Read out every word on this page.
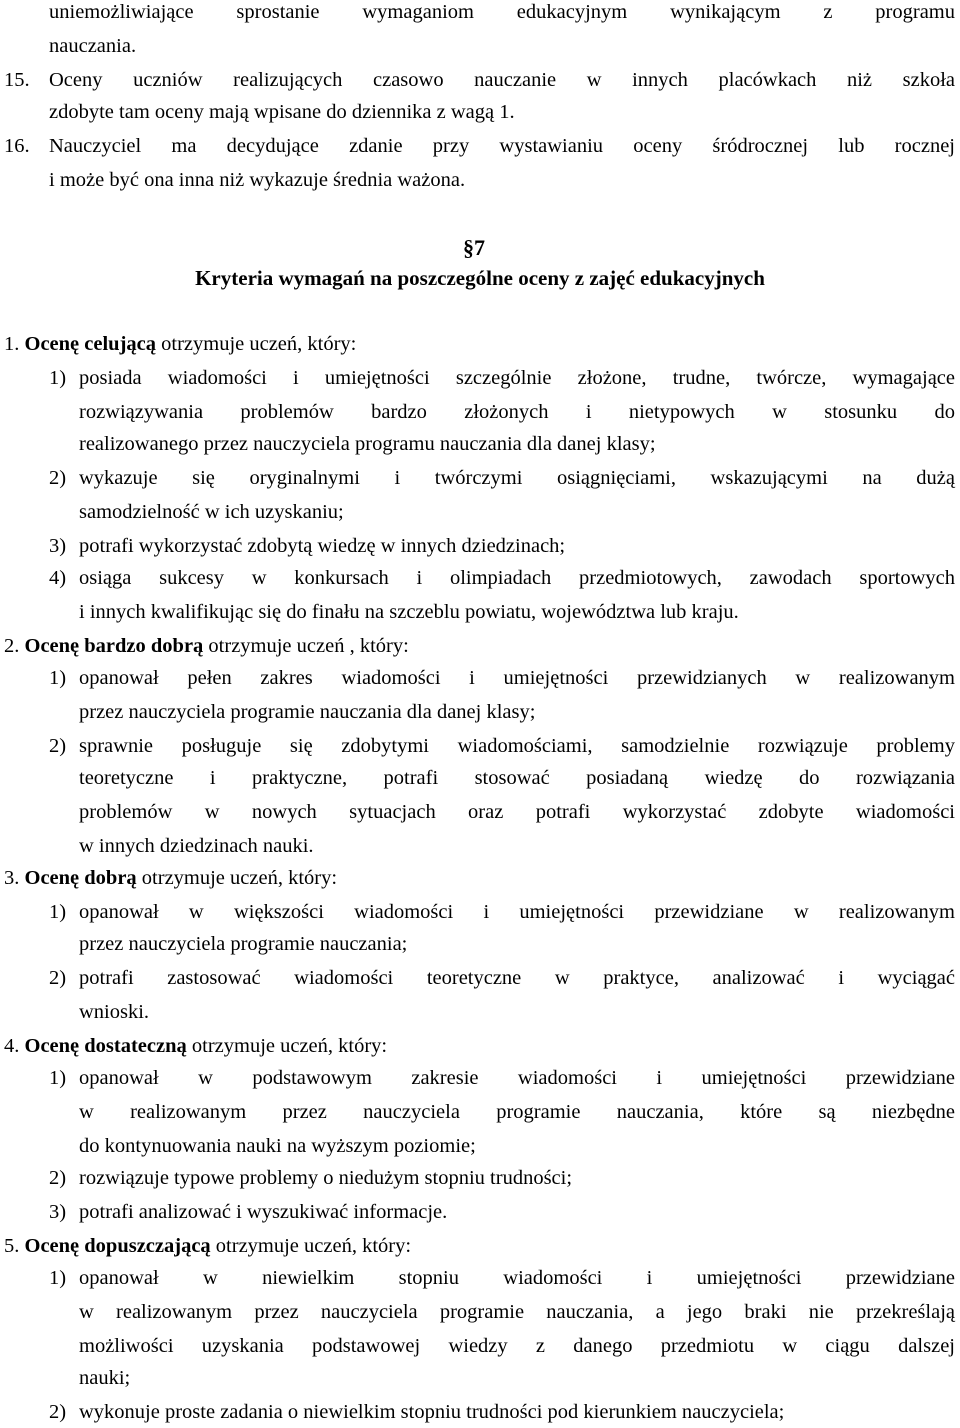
uniemożliwiające sprostanie wymaganiom edukacyjnym wynikającym z programu
nauczania.
15. Oceny uczniów realizujących czasowo nauczanie w innych placówkach niż szkoła
zdobyte tam oceny mają wpisane do dziennika z wagą 1.
16. Nauczyciel ma decydujące zdanie przy wystawianiu oceny śródrocznej lub rocznej
i może być ona inna niż wykazuje średnia ważona.
§7
Kryteria wymagań na poszczególne oceny z zajęć edukacyjnych
1. Ocenę celującą otrzymuje uczeń, który:
1) posiada wiadomości i umiejętności szczególnie złożone, trudne, twórcze, wymagające
rozwiązywania problemów bardzo złożonych i nietypowych w stosunku do
realizowanego przez nauczyciela programu nauczania dla danej klasy;
2) wykazuje się oryginalnymi i twórczymi osiągnięciami, wskazującymi na dużą
samodzielność w ich uzyskaniu;
3) potrafi wykorzystać zdobytą wiedzę w innych dziedzinach;
4) osiąga sukcesy w konkursach i olimpiadach przedmiotowych, zawodach sportowych
i innych kwalifikując się do finału na szczeblu powiatu, województwa lub kraju.
2. Ocenę bardzo dobrą otrzymuje uczeń , który:
1) opanował pełen zakres wiadomości i umiejętności przewidzianych w realizowanym
przez nauczyciela programie nauczania dla danej klasy;
2) sprawnie posługuje się zdobytymi wiadomościami, samodzielnie rozwiązuje problemy
teoretyczne i praktyczne, potrafi stosować posiadaną wiedzę do rozwiązania
problemów w nowych sytuacjach oraz potrafi wykorzystać zdobyte wiadomości
w innych dziedzinach nauki.
3. Ocenę dobrą otrzymuje uczeń, który:
1) opanował w większości wiadomości i umiejętności przewidziane w realizowanym
przez nauczyciela programie nauczania;
2) potrafi zastosować wiadomości teoretyczne w praktyce, analizować i wyciągać
wnioski.
4. Ocenę dostateczną otrzymuje uczeń, który:
1) opanował w podstawowym zakresie wiadomości i umiejętności przewidziane
w realizowanym przez nauczyciela programie nauczania, które są niezbędne
do kontynuowania nauki na wyższym poziomie;
2) rozwiązuje typowe problemy o niedużym stopniu trudności;
3) potrafi analizować i wyszukiwać informacje.
5. Ocenę dopuszczającą otrzymuje uczeń, który:
1) opanował w niewielkim stopniu wiadomości i umiejętności przewidziane
w realizowanym przez nauczyciela programie nauczania, a jego braki nie przekreślają
możliwości uzyskania podstawowej wiedzy z danego przedmiotu w ciągu dalszej
nauki;
2) wykonuje proste zadania o niewielkim stopniu trudności pod kierunkiem nauczyciela;
